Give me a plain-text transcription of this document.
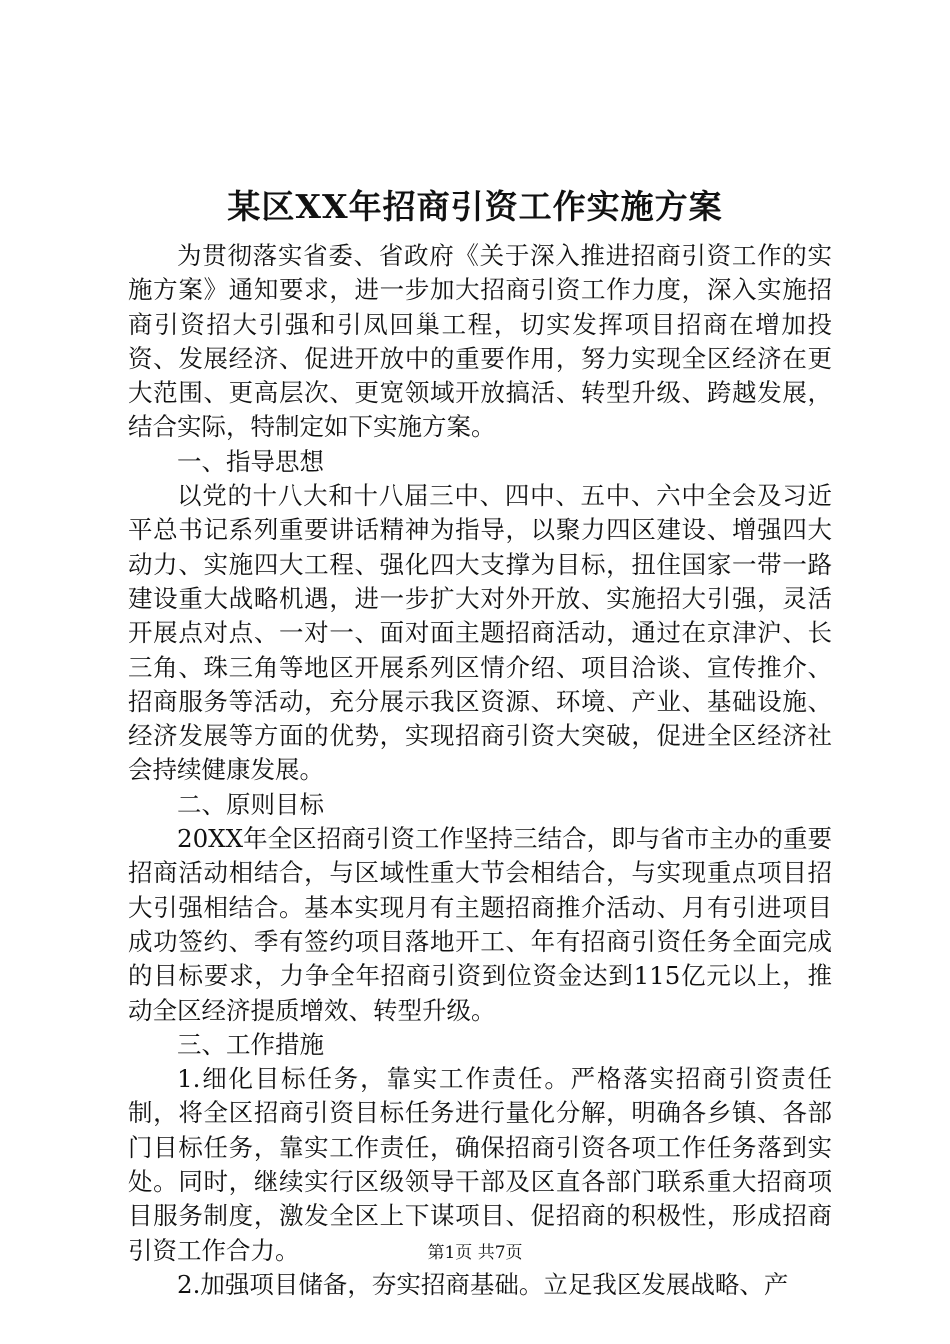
某区XX年招商引资工作实施方案

为贯彻落实省委、省政府《关于深入推进招商引资工作的实施方案》通知要求，进一步加大招商引资工作力度，深入实施招商引资招大引强和引凤回巢工程，切实发挥项目招商在增加投资、发展经济、促进开放中的重要作用，努力实现全区经济在更大范围、更高层次、更宽领域开放搞活、转型升级、跨越发展，结合实际，特制定如下实施方案。

一、指导思想

以党的十八大和十八届三中、四中、五中、六中全会及习近平总书记系列重要讲话精神为指导，以聚力四区建设、增强四大动力、实施四大工程、强化四大支撑为目标，扭住国家一带一路建设重大战略机遇，进一步扩大对外开放、实施招大引强，灵活开展点对点、一对一、面对面主题招商活动，通过在京津沪、长三角、珠三角等地区开展系列区情介绍、项目洽谈、宣传推介、招商服务等活动，充分展示我区资源、环境、产业、基础设施、经济发展等方面的优势，实现招商引资大突破，促进全区经济社会持续健康发展。

二、原则目标

20XX年全区招商引资工作坚持三结合，即与省市主办的重要招商活动相结合，与区域性重大节会相结合，与实现重点项目招大引强相结合。基本实现月有主题招商推介活动、月有引进项目成功签约、季有签约项目落地开工、年有招商引资任务全面完成的目标要求，力争全年招商引资到位资金达到115亿元以上，推动全区经济提质增效、转型升级。

三、工作措施

1.细化目标任务，靠实工作责任。严格落实招商引资责任制，将全区招商引资目标任务进行量化分解，明确各乡镇、各部门目标任务，靠实工作责任，确保招商引资各项工作任务落到实处。同时，继续实行区级领导干部及区直各部门联系重大招商项目服务制度，激发全区上下谋项目、促招商的积极性，形成招商引资工作合力。

2.加强项目储备，夯实招商基础。立足我区发展战略、产

第1页 共7页
